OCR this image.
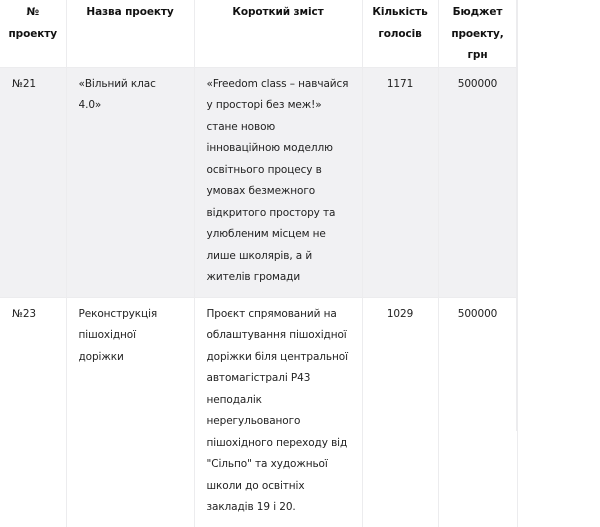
№ проекту	Назва проекту	Короткий зміст	Кількість голосів	Бюджет проекту, грн
№21	«Вільний клас 4.0»	«Freedom class – навчайся у просторі без меж!» стане новою інноваційною моделлю освітнього процесу в умовах безмежного відкритого простору та улюбленим місцем не лише школярів, а й жителів громади	1171	500000
№23	Реконструкція пішохідної доріжки	Проєкт спрямований на облаштування пішохідної доріжки біля центральної автомагістралі Р43 неподалік нерегульованого пішохідного переходу від "Сільпо" та художньої школи до освітніх закладів 19 і 20.	1029	500000
